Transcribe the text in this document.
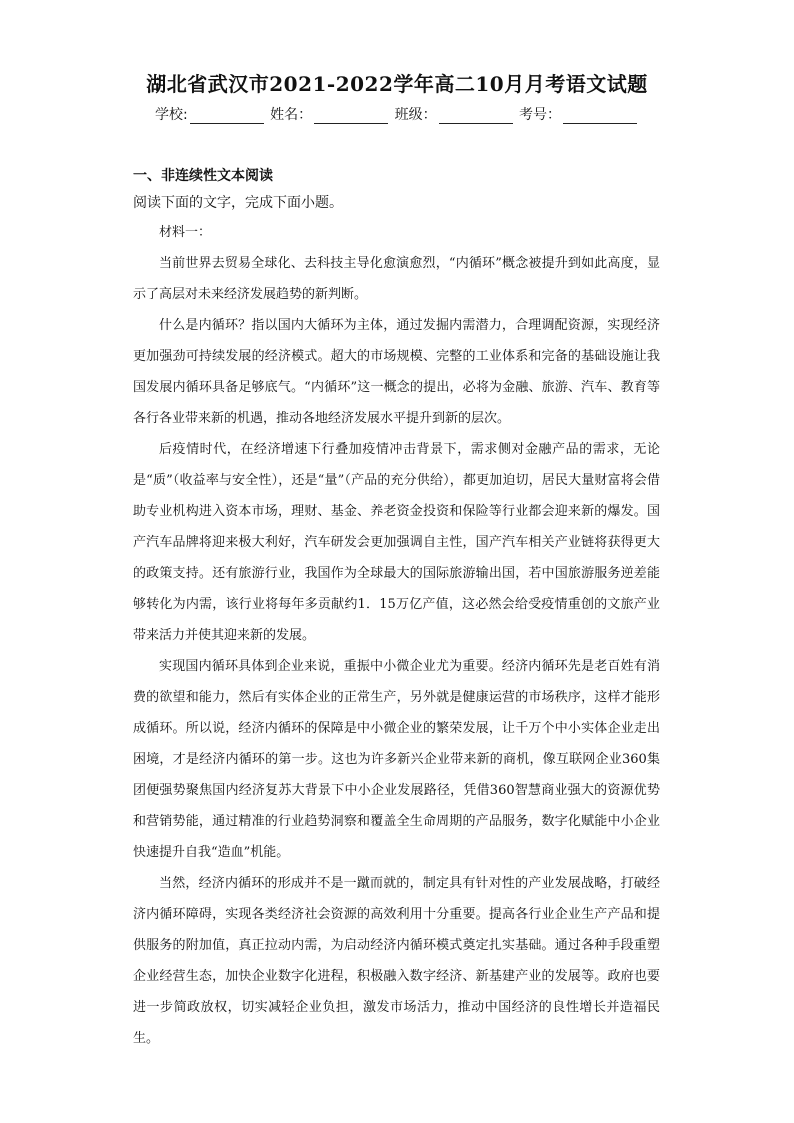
湖北省武汉市2021-2022学年高二10月月考语文试题
学校:	姓名：	班级：	考号：
一、非连续性文本阅读
阅读下面的文字，完成下面小题。

材料一：

当前世界去贸易全球化、去科技主导化愈演愈烈，“内循环”概念被提升到如此高度，显示了高层对未来经济发展趋势的新判断。

什么是内循环？指以国内大循环为主体，通过发掘内需潜力，合理调配资源，实现经济更加强劲可持续发展的经济模式。超大的市场规模、完整的工业体系和完备的基础设施让我国发展内循环具备足够底气。“内循环”这一概念的提出，必将为金融、旅游、汽车、教育等各行各业带来新的机遇，推动各地经济发展水平提升到新的层次。

后疫情时代，在经济增速下行叠加疫情冲击背景下，需求侧对金融产品的需求，无论是“质”（收益率与安全性），还是“量”（产品的充分供给），都更加迫切，居民大量财富将会借助专业机构进入资本市场，理财、基金、养老资金投资和保险等行业都会迎来新的爆发。国产汽车品牌将迎来极大利好，汽车研发会更加强调自主性，国产汽车相关产业链将获得更大的政策支持。还有旅游行业，我国作为全球最大的国际旅游输出国，若中国旅游服务逆差能够转化为内需，该行业将每年多贡献约1．15万亿产值，这必然会给受疫情重创的文旅产业带来活力并使其迎来新的发展。

实现国内循环具体到企业来说，重振中小微企业尤为重要。经济内循环先是老百姓有消费的欲望和能力，然后有实体企业的正常生产，另外就是健康运营的市场秩序，这样才能形成循环。所以说，经济内循环的保障是中小微企业的繁荣发展，让千万个中小实体企业走出困境，才是经济内循环的第一步。这也为许多新兴企业带来新的商机，像互联网企业360集团便强势聚焦国内经济复苏大背景下中小企业发展路径，凭借360智慧商业强大的资源优势和营销势能，通过精准的行业趋势洞察和覆盖全生命周期的产品服务，数字化赋能中小企业快速提升自我“造血”机能。

当然，经济内循环的形成并不是一蹴而就的，制定具有针对性的产业发展战略，打破经济内循环障碍，实现各类经济社会资源的高效利用十分重要。提高各行业企业生产产品和提供服务的附加值，真正拉动内需，为启动经济内循环模式奠定扎实基础。通过各种手段重塑企业经营生态，加快企业数字化进程，积极融入数字经济、新基建产业的发展等。政府也要进一步简政放权，切实减轻企业负担，激发市场活力，推动中国经济的良性增长并造福民生。
